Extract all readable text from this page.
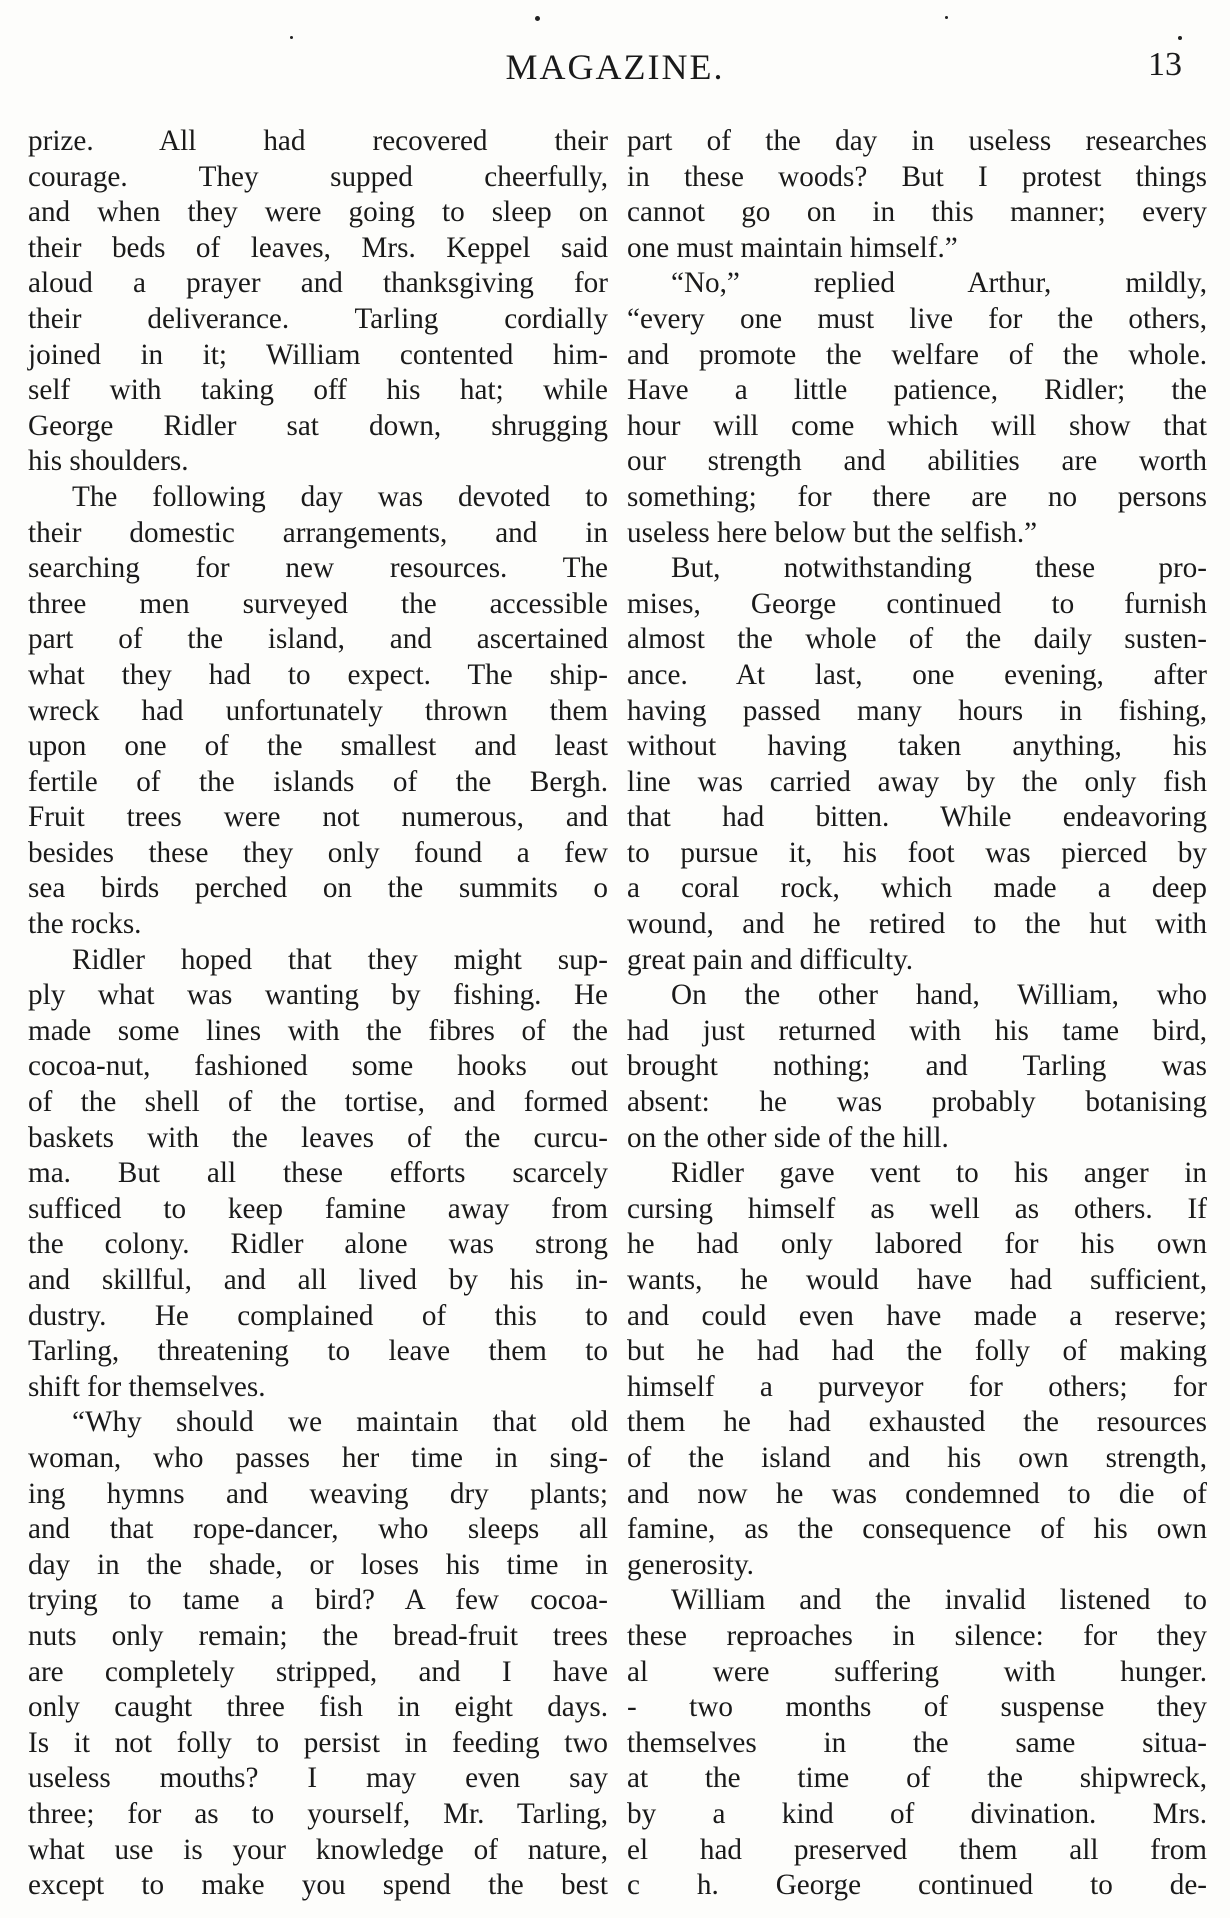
MAGAZINE.	13
prize. All had recovered their
courage. They supped cheerfully,
and when they were going to sleep on
their beds of leaves, Mrs. Keppel said
aloud a prayer and thanksgiving for
their deliverance. Tarling cordially
joined in it; William contented him-
self with taking off his hat; while
George Ridler sat down, shrugging
his shoulders.
The following day was devoted to
their domestic arrangements, and in
searching for new resources. The
three men surveyed the accessible
part of the island, and ascertained
what they had to expect. The ship-
wreck had unfortunately thrown them
upon one of the smallest and least
fertile of the islands of the Bergh.
Fruit trees were not numerous, and
besides these they only found a few
sea birds perched on the summits o
the rocks.
Ridler hoped that they might sup-
ply what was wanting by fishing. He
made some lines with the fibres of the
cocoa-nut, fashioned some hooks out
of the shell of the tortise, and formed
baskets with the leaves of the curcu-
ma. But all these efforts scarcely
sufficed to keep famine away from
the colony. Ridler alone was strong
and skillful, and all lived by his in-
dustry. He complained of this to
Tarling, threatening to leave them to
shift for themselves.
“Why should we maintain that old
woman, who passes her time in sing-
ing hymns and weaving dry plants;
and that rope-dancer, who sleeps all
day in the shade, or loses his time in
trying to tame a bird? A few cocoa-
nuts only remain; the bread-fruit trees
are completely stripped, and I have
only caught three fish in eight days.
Is it not folly to persist in feeding two
useless mouths? I may even say
three; for as to yourself, Mr. Tarling,
what use is your knowledge of nature,
except to make you spend the best
part of the day in useless researches
in these woods? But I protest things
cannot go on in this manner; every
one must maintain himself.”
“No,” replied Arthur, mildly,
“every one must live for the others,
and promote the welfare of the whole.
Have a little patience, Ridler; the
hour will come which will show that
our strength and abilities are worth
something; for there are no persons
useless here below but the selfish.”
But, notwithstanding these pro-
mises, George continued to furnish
almost the whole of the daily susten-
ance. At last, one evening, after
having passed many hours in fishing,
without having taken anything, his
line was carried away by the only fish
that had bitten. While endeavoring
to pursue it, his foot was pierced by
a coral rock, which made a deep
wound, and he retired to the hut with
great pain and difficulty.
On the other hand, William, who
had just returned with his tame bird,
brought nothing; and Tarling was
absent: he was probably botanising
on the other side of the hill.
Ridler gave vent to his anger in
cursing himself as well as others. If
he had only labored for his own
wants, he would have had sufficient,
and could even have made a reserve;
but he had had the folly of making
himself a purveyor for others; for
them he had exhausted the resources
of the island and his own strength,
and now he was condemned to die of
famine, as the consequence of his own
generosity.
William and the invalid listened to
these reproaches in silence: for they
al were suffering with hunger.
- two months of suspense they
themselves in the same situa-
at the time of the shipwreck,
by a kind of divination. Mrs.
el had preserved them all from
c h. George continued to de-
